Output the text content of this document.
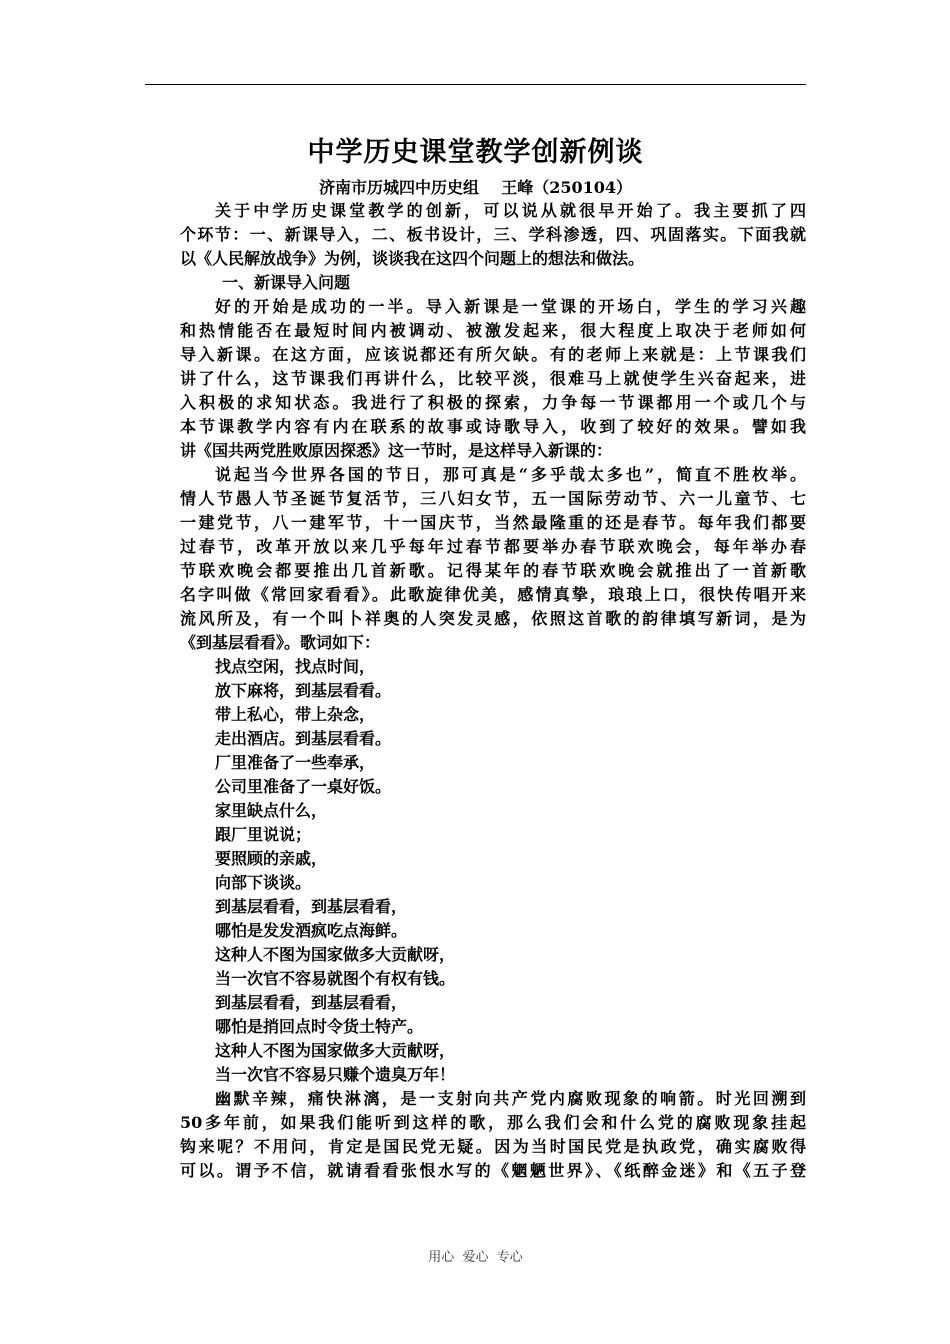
中学历史课堂教学创新例谈
济南市历城四中历史组    王峰（250104）
关于中学历史课堂教学的创新，可以说从就很早开始了。我主要抓了四
个环节：一、新课导入，二、板书设计，三、学科渗透，四、巩固落实。下面我就
以《人民解放战争》为例，谈谈我在这四个问题上的想法和做法。
一、新课导入问题
好的开始是成功的一半。导入新课是一堂课的开场白，学生的学习兴趣
和热情能否在最短时间内被调动、被激发起来，很大程度上取决于老师如何
导入新课。在这方面，应该说都还有所欠缺。有的老师上来就是：上节课我们
讲了什么，这节课我们再讲什么，比较平淡，很难马上就使学生兴奋起来，进
入积极的求知状态。我进行了积极的探索，力争每一节课都用一个或几个与
本节课教学内容有内在联系的故事或诗歌导入，收到了较好的效果。譬如我
讲《国共两党胜败原因探悉》这一节时，是这样导入新课的：
说起当今世界各国的节日，那可真是“多乎哉太多也”，简直不胜枚举。
情人节愚人节圣诞节复活节，三八妇女节，五一国际劳动节、六一儿童节、七
一建党节，八一建军节，十一国庆节，当然最隆重的还是春节。每年我们都要
过春节，改革开放以来几乎每年过春节都要举办春节联欢晚会，每年举办春
节联欢晚会都要推出几首新歌。记得某年的春节联欢晚会就推出了一首新歌
名字叫做《常回家看看》。此歌旋律优美，感情真挚，琅琅上口，很快传唱开来
流风所及，有一个叫卜祥奥的人突发灵感，依照这首歌的韵律填写新词，是为
《到基层看看》。歌词如下：
找点空闲，找点时间，
放下麻将，到基层看看。
带上私心，带上杂念，
走出酒店。到基层看看。
厂里准备了一些奉承，
公司里准备了一桌好饭。
家里缺点什么，
跟厂里说说；
要照顾的亲戚，
向部下谈谈。
到基层看看，到基层看看，
哪怕是发发酒疯吃点海鲜。
这种人不图为国家做多大贡献呀，
当一次官不容易就图个有权有钱。
到基层看看，到基层看看，
哪怕是捎回点时令货土特产。
这种人不图为国家做多大贡献呀，
当一次官不容易只赚个遗臭万年！
幽默辛辣，痛快淋漓，是一支射向共产党内腐败现象的响箭。时光回溯到
50多年前，如果我们能听到这样的歌，那么我们会和什么党的腐败现象挂起
钩来呢？不用问，肯定是国民党无疑。因为当时国民党是执政党，确实腐败得
可以。谓予不信，就请看看张恨水写的《魍魉世界》、《纸醉金迷》和《五子登
用心  爱心  专心
